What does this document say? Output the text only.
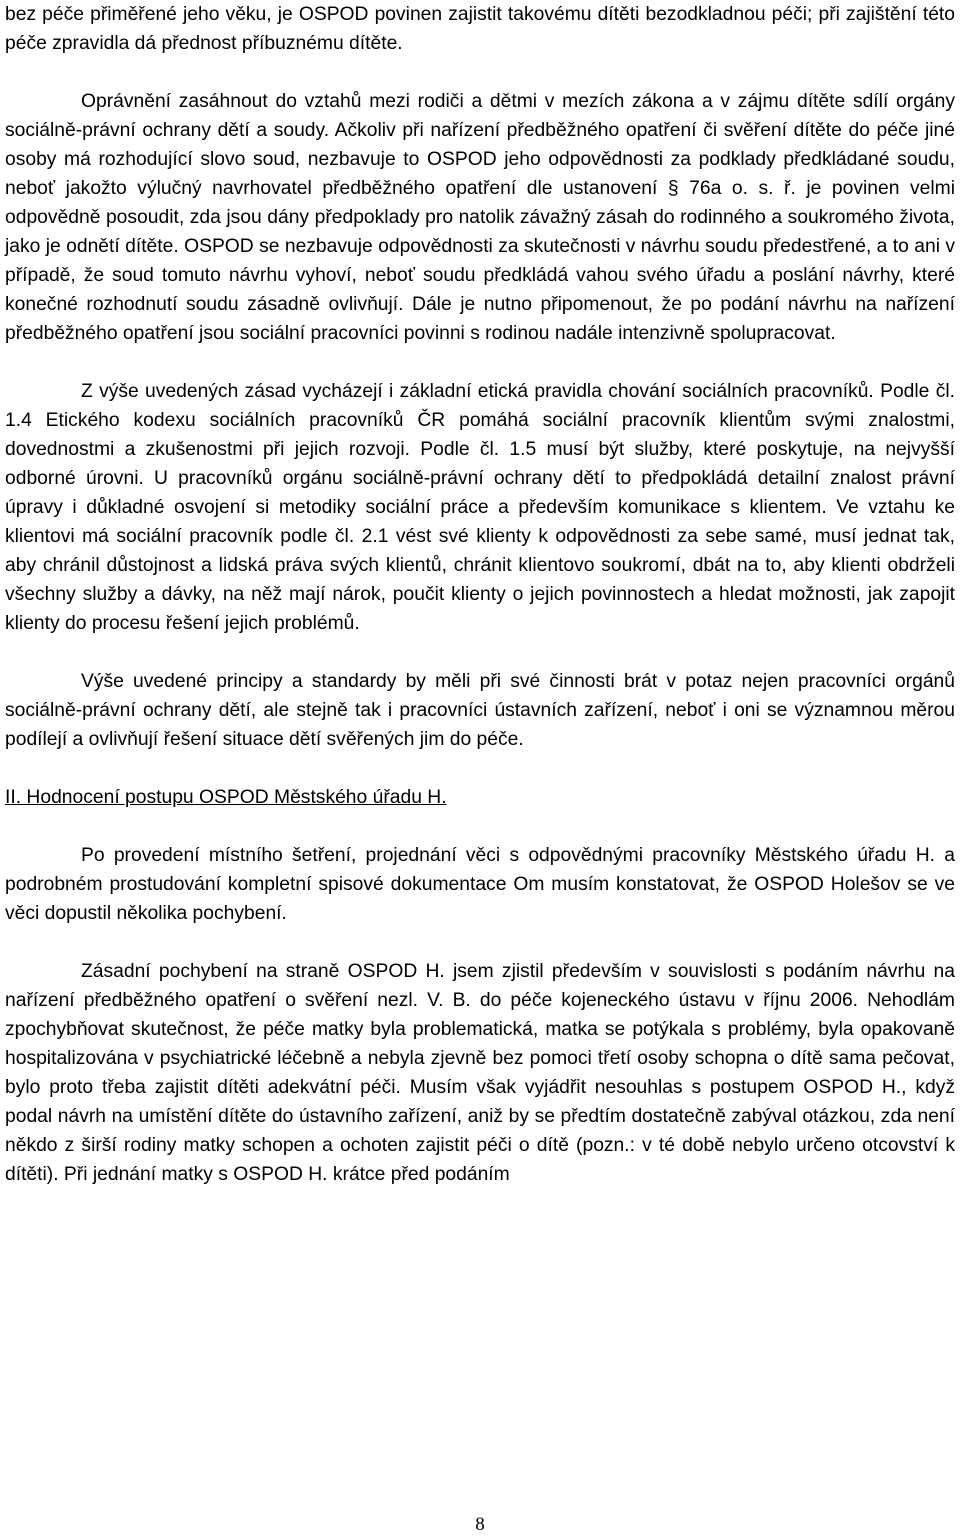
bez péče přiměřené jeho věku, je OSPOD povinen zajistit takovému dítěti bezodkladnou péči; při zajištění této péče zpravidla dá přednost příbuznému dítěte.

Oprávnění zasáhnout do vztahů mezi rodiči a dětmi v mezích zákona a v zájmu dítěte sdílí orgány sociálně-právní ochrany dětí a soudy. Ačkoliv při nařízení předběžného opatření či svěření dítěte do péče jiné osoby má rozhodující slovo soud, nezbavuje to OSPOD jeho odpovědnosti za podklady předkládané soudu, neboť jakožto výlučný navrhovatel předběžného opatření dle ustanovení § 76a o. s. ř. je povinen velmi odpovědně posoudit, zda jsou dány předpoklady pro natolik závažný zásah do rodinného a soukromého života, jako je odnětí dítěte. OSPOD se nezbavuje odpovědnosti za skutečnosti v návrhu soudu předestřené, a to ani v případě, že soud tomuto návrhu vyhoví, neboť soudu předkládá vahou svého úřadu a poslání návrhy, které konečné rozhodnutí soudu zásadně ovlivňují. Dále je nutno připomenout, že po podání návrhu na nařízení předběžného opatření jsou sociální pracovníci povinni s rodinou nadále intenzivně spolupracovat.

Z výše uvedených zásad vycházejí i základní etická pravidla chování sociálních pracovníků. Podle čl. 1.4 Etického kodexu sociálních pracovníků ČR pomáhá sociální pracovník klientům svými znalostmi, dovednostmi a zkušenostmi při jejich rozvoji. Podle čl. 1.5 musí být služby, které poskytuje, na nejvyšší odborné úrovni. U pracovníků orgánu sociálně-právní ochrany dětí to předpokládá detailní znalost právní úpravy i důkladné osvojení si metodiky sociální práce a především komunikace s klientem. Ve vztahu ke klientovi má sociální pracovník podle čl. 2.1 vést své klienty k odpovědnosti za sebe samé, musí jednat tak, aby chránil důstojnost a lidská práva svých klientů, chránit klientovo soukromí, dbát na to, aby klienti obdrželi všechny služby a dávky, na něž mají nárok, poučit klienty o jejich povinnostech a hledat možnosti, jak zapojit klienty do procesu řešení jejich problémů.

Výše uvedené principy a standardy by měli při své činnosti brát v potaz nejen pracovníci orgánů sociálně-právní ochrany dětí, ale stejně tak i pracovníci ústavních zařízení, neboť i oni se významnou měrou podílejí a ovlivňují řešení situace dětí svěřených jim do péče.

II. Hodnocení postupu OSPOD Městského úřadu H.

Po provedení místního šetření, projednání věci s odpovědnými pracovníky Městského úřadu H. a podrobném prostudování kompletní spisové dokumentace Om musím konstatovat, že OSPOD Holešov se ve věci dopustil několika pochybení.

Zásadní pochybení na straně OSPOD H. jsem zjistil především v souvislosti s podáním návrhu na nařízení předběžného opatření o svěření nezl. V. B. do péče kojeneckého ústavu v říjnu 2006. Nehodlám zpochybňovat skutečnost, že péče matky byla problematická, matka se potýkala s problémy, byla opakovaně hospitalizována v psychiatrické léčebně a nebyla zjevně bez pomoci třetí osoby schopna o dítě sama pečovat, bylo proto třeba zajistit dítěti adekvátní péči. Musím však vyjádřit nesouhlas s postupem OSPOD H., když podal návrh na umístění dítěte do ústavního zařízení, aniž by se předtím dostatečně zabýval otázkou, zda není někdo z širší rodiny matky schopen a ochoten zajistit péči o dítě (pozn.: v té době nebylo určeno otcovství k dítěti). Při jednání matky s OSPOD H. krátce před podáním

8
